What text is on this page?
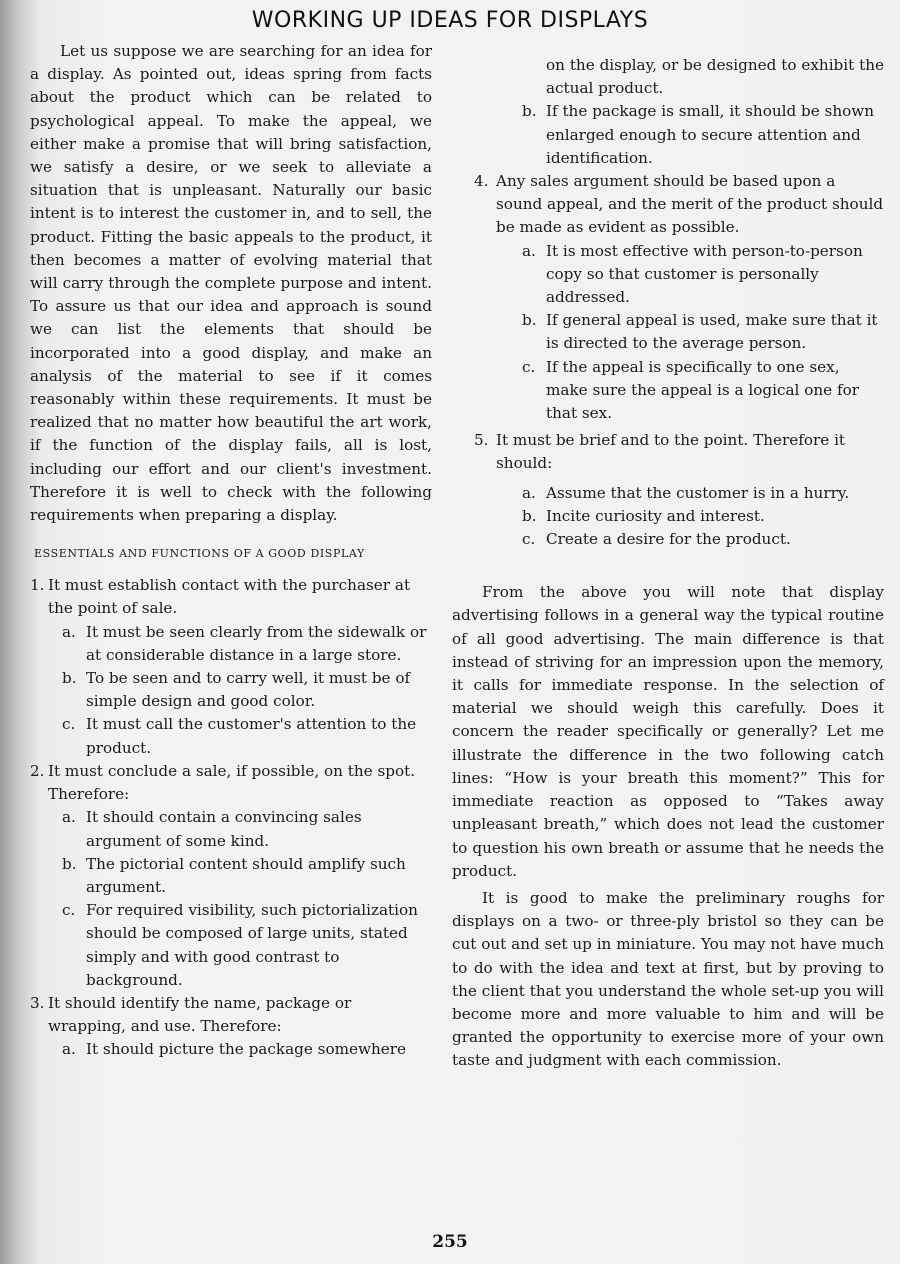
WORKING UP IDEAS FOR DISPLAYS

Let us suppose we are searching for an idea for a display. As pointed out, ideas spring from facts about the product which can be related to psychological appeal. To make the appeal, we either make a promise that will bring satisfaction, we satisfy a desire, or we seek to alleviate a situation that is unpleasant. Naturally our basic intent is to interest the customer in, and to sell, the product. Fitting the basic appeals to the product, it then becomes a matter of evolving material that will carry through the complete purpose and intent. To assure us that our idea and approach is sound we can list the elements that should be incorporated into a good display, and make an analysis of the material to see if it comes reasonably within these requirements. It must be realized that no matter how beautiful the art work, if the function of the display fails, all is lost, including our effort and our client's investment. Therefore it is well to check with the following requirements when preparing a display.

ESSENTIALS AND FUNCTIONS OF A GOOD DISPLAY
1. It must establish contact with the purchaser at the point of sale.
a. It must be seen clearly from the sidewalk or at considerable distance in a large store.
b. To be seen and to carry well, it must be of simple design and good color.
c. It must call the customer's attention to the product.
2. It must conclude a sale, if possible, on the spot. Therefore:
a. It should contain a convincing sales argument of some kind.
b. The pictorial content should amplify such argument.
c. For required visibility, such pictorialization should be composed of large units, stated simply and with good contrast to background.
3. It should identify the name, package or wrapping, and use. Therefore:
a. It should picture the package somewhere

on the display, or be designed to exhibit the actual product.

b. If the package is small, it should be shown enlarged enough to secure attention and identification.
4. Any sales argument should be based upon a sound appeal, and the merit of the product should be made as evident as possible.
a. It is most effective with person-to-person copy so that customer is personally addressed.
b. If general appeal is used, make sure that it is directed to the average person.
c. If the appeal is specifically to one sex, make sure the appeal is a logical one for that sex.
5. It must be brief and to the point. Therefore it should:
a. Assume that the customer is in a hurry.
b. Incite curiosity and interest.
c. Create a desire for the product.

From the above you will note that display advertising follows in a general way the typical routine of all good advertising. The main difference is that instead of striving for an impression upon the memory, it calls for immediate response. In the selection of material we should weigh this carefully. Does it concern the reader specifically or generally? Let me illustrate the difference in the two following catch lines: “How is your breath this moment?” This for immediate reaction as opposed to “Takes away unpleasant breath,” which does not lead the customer to question his own breath or assume that he needs the product.

It is good to make the preliminary roughs for displays on a two- or three-ply bristol so they can be cut out and set up in miniature. You may not have much to do with the idea and text at first, but by proving to the client that you understand the whole set-up you will become more and more valuable to him and will be granted the opportunity to exercise more of your own taste and judgment with each commission.

255
